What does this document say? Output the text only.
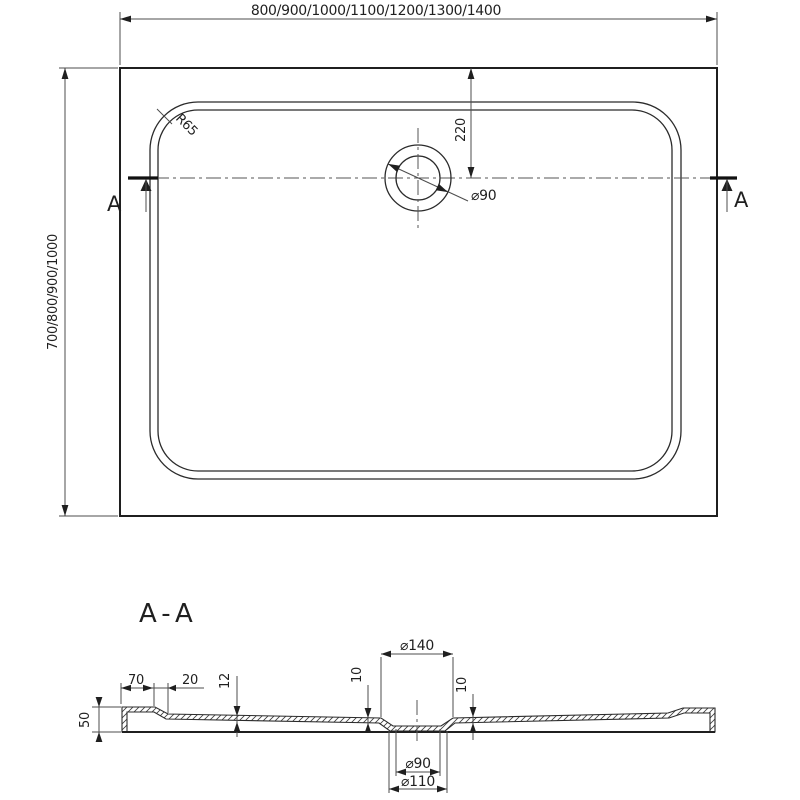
A	A
⌀90
R65
800/900/1000/1100/1200/1300/1400
700/800/900/1000
220
A-A
50
70	20 12	10
10
⌀140
⌀90
⌀110
